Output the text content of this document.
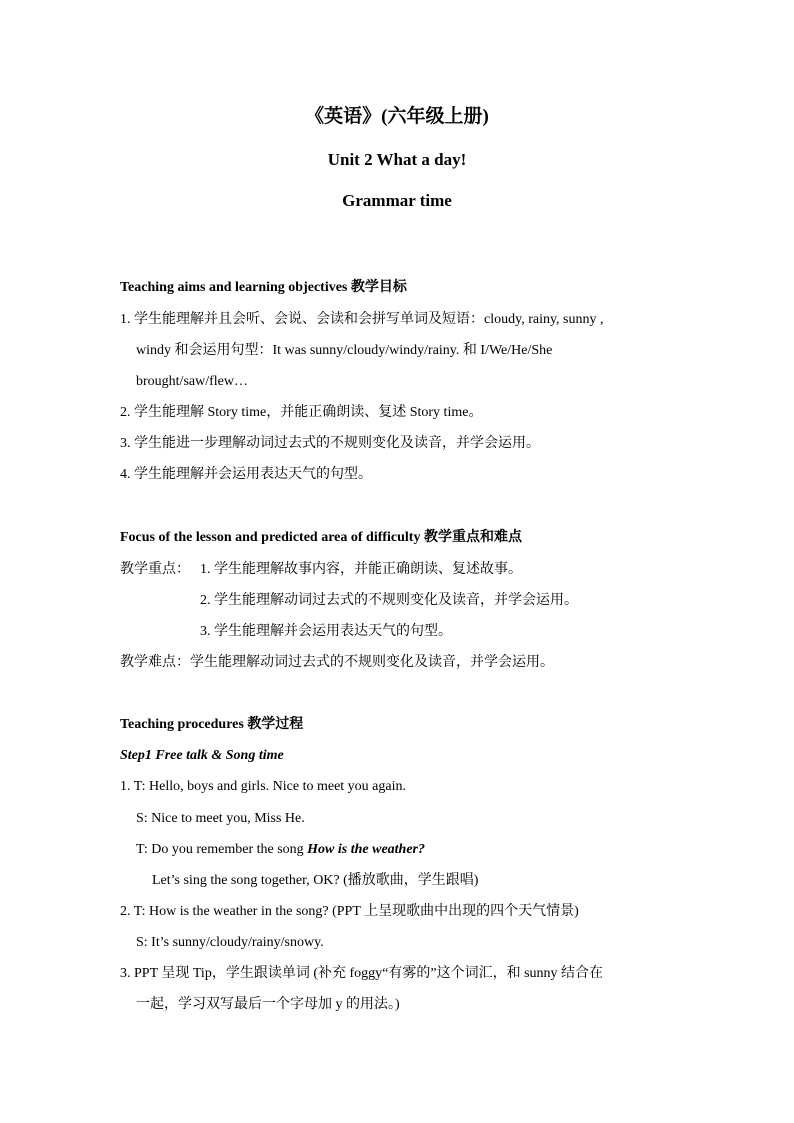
《英语》(六年级上册)
Unit 2 What a day!
Grammar time
Teaching aims and learning objectives 教学目标
1. 学生能理解并且会听、会说、会读和会拼写单词及短语：cloudy, rainy, sunny ,
windy 和会运用句型：It was sunny/cloudy/windy/rainy. 和 I/We/He/She
brought/saw/flew…
2. 学生能理解 Story time，并能正确朗读、复述 Story time。
3. 学生能进一步理解动词过去式的不规则变化及读音，并学会运用。
4. 学生能理解并会运用表达天气的句型。
Focus of the lesson and predicted area of difficulty 教学重点和难点
教学重点： 1. 学生能理解故事内容，并能正确朗读、复述故事。
2. 学生能理解动词过去式的不规则变化及读音，并学会运用。
3. 学生能理解并会运用表达天气的句型。
教学难点：学生能理解动词过去式的不规则变化及读音，并学会运用。
Teaching procedures 教学过程
Step1 Free talk & Song time
1. T: Hello, boys and girls. Nice to meet you again.
S: Nice to meet you, Miss He.
T: Do you remember the song How is the weather?
Let’s sing the song together, OK? (播放歌曲，学生跟唱)
2. T: How is the weather in the song? (PPT 上呈现歌曲中出现的四个天气情景)
S: It’s sunny/cloudy/rainy/snowy.
3. PPT 呈现 Tip，学生跟读单词 (补充 foggy“有雾的”这个词汇，和 sunny 结合在
一起，学习双写最后一个字母加 y 的用法。)
